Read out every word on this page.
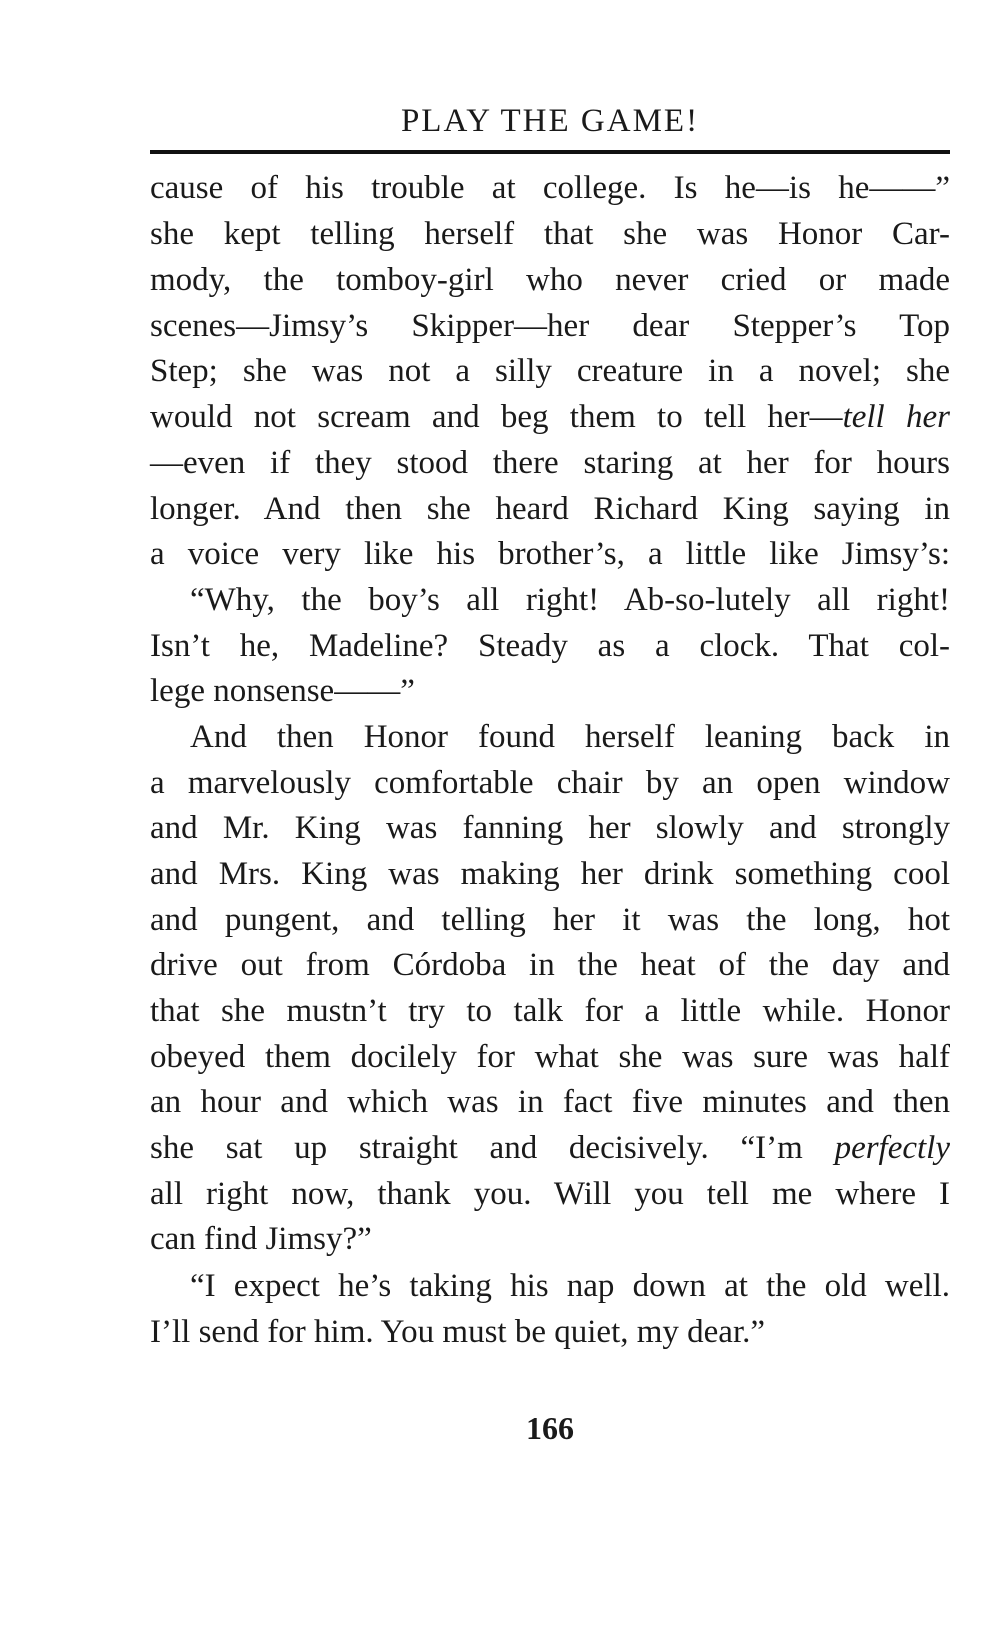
PLAY THE GAME!
cause of his trouble at college. Is he—is he——”
she kept telling herself that she was Honor Car-
mody, the tomboy-girl who never cried or made
scenes—Jimsy’s Skipper—her dear Stepper’s Top
Step; she was not a silly creature in a novel; she
would not scream and beg them to tell her—tell her
—even if they stood there staring at her for hours
longer. And then she heard Richard King saying in
a voice very like his brother’s, a little like Jimsy’s:
“Why, the boy’s all right! Ab-so-lutely all right!
Isn’t he, Madeline? Steady as a clock. That col-
lege nonsense——”
And then Honor found herself leaning back in
a marvelously comfortable chair by an open window
and Mr. King was fanning her slowly and strongly
and Mrs. King was making her drink something cool
and pungent, and telling her it was the long, hot
drive out from Córdoba in the heat of the day and
that she mustn’t try to talk for a little while. Honor
obeyed them docilely for what she was sure was half
an hour and which was in fact five minutes and then
she sat up straight and decisively. “I’m perfectly
all right now, thank you. Will you tell me where I
can find Jimsy?”
“I expect he’s taking his nap down at the old well.
I’ll send for him. You must be quiet, my dear.”
166
